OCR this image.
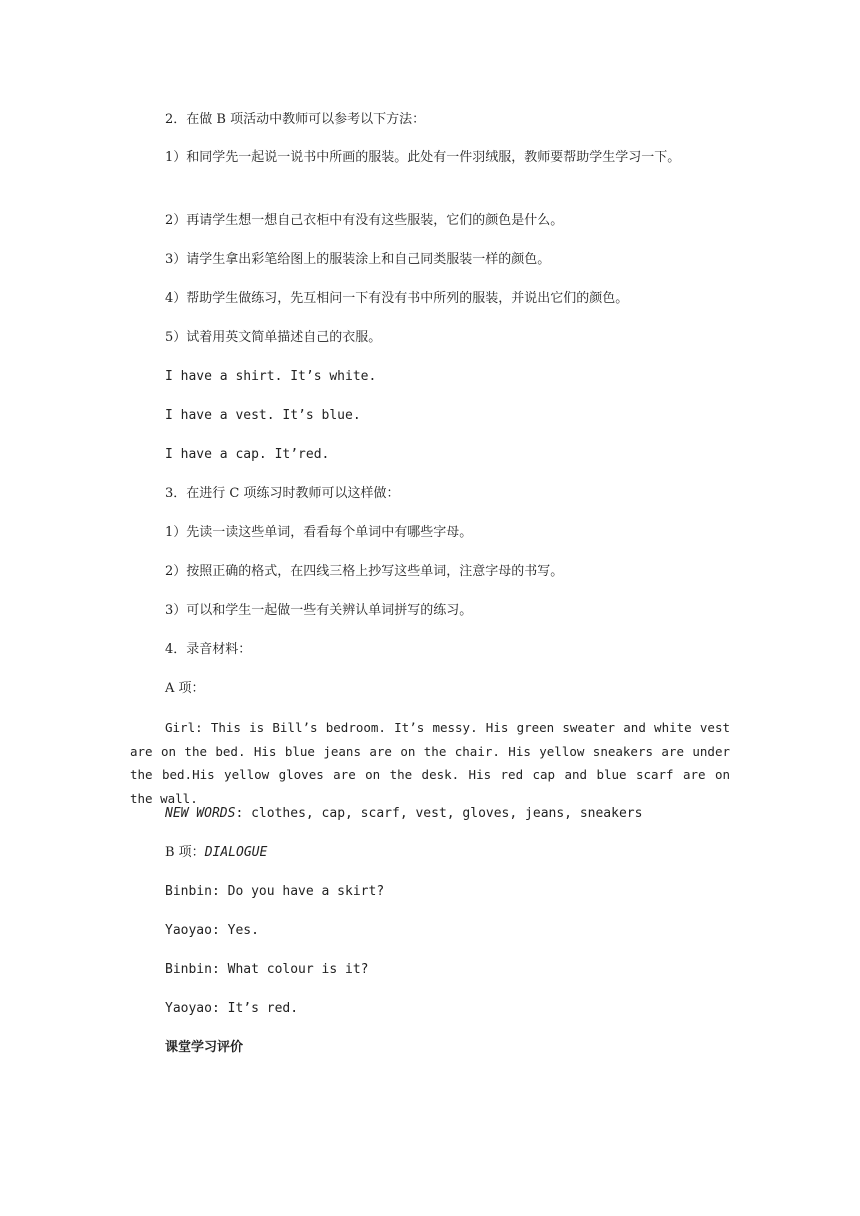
2．在做 B 项活动中教师可以参考以下方法：

1）和同学先一起说一说书中所画的服装。此处有一件羽绒服，教师要帮助学生学习一下。

2）再请学生想一想自己衣柜中有没有这些服装，它们的颜色是什么。

3）请学生拿出彩笔给图上的服装涂上和自己同类服装一样的颜色。

4）帮助学生做练习，先互相问一下有没有书中所列的服装，并说出它们的颜色。

5）试着用英文简单描述自己的衣服。

I have a shirt. It’s white.

I have a vest. It’s blue.

I have a cap. It’red.

3．在进行 C 项练习时教师可以这样做：

1）先读一读这些单词，看看每个单词中有哪些字母。

2）按照正确的格式，在四线三格上抄写这些单词，注意字母的书写。

3）可以和学生一起做一些有关辨认单词拼写的练习。

4．录音材料：

A 项：

Girl: This is Bill’s bedroom. It’s messy. His green sweater and white vest are on the bed. His blue jeans are on the chair. His yellow sneakers are under the bed.His yellow gloves are on the desk. His red cap and blue scarf are on the wall.

NEW WORDS: clothes, cap, scarf, vest, gloves, jeans, sneakers

B 项：DIALOGUE

Binbin: Do you have a skirt?

Yaoyao: Yes.

Binbin: What colour is it?

Yaoyao: It’s red.

课堂学习评价
